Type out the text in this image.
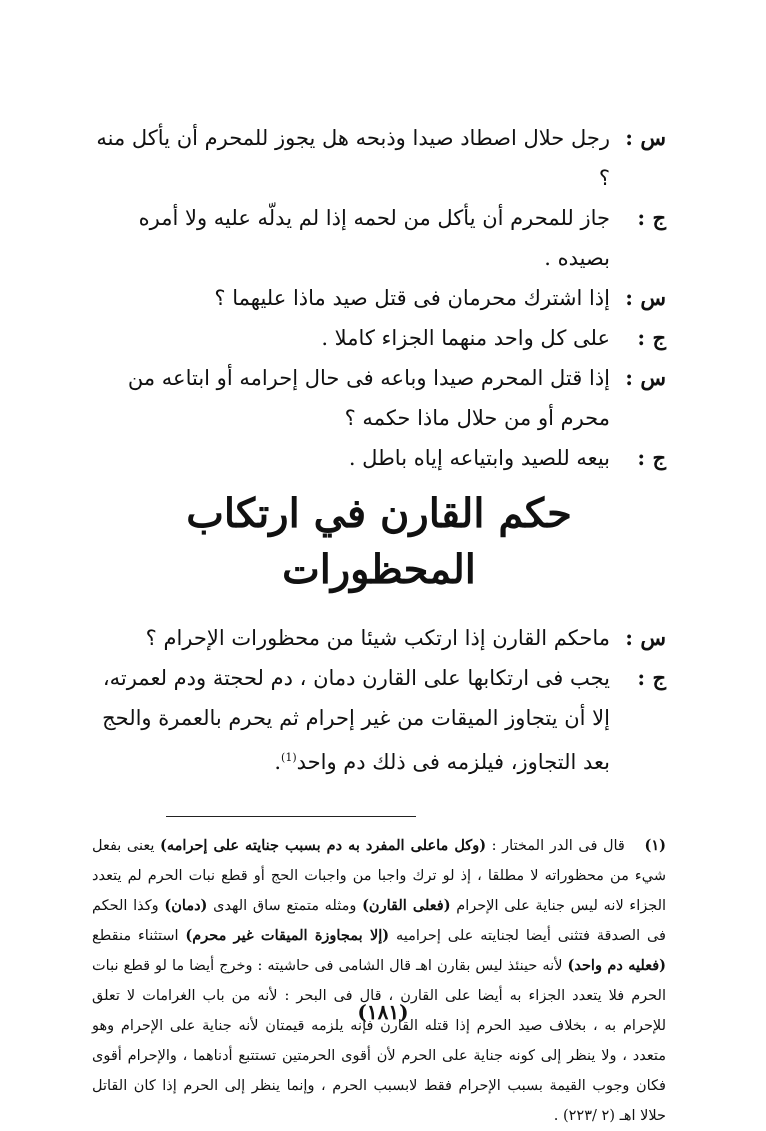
س :
رجل حلال اصطاد صيدا وذبحه هل يجوز للمحرم أن يأكل منه ؟
ج :
جاز للمحرم أن يأكل من لحمه إذا لم يدلّه عليه ولا أمره بصيده .
س :
إذا اشترك محرمان فى قتل صيد ماذا عليهما ؟
ج :
على كل واحد منهما الجزاء كاملا .
س :
إذا قتل المحرم صيدا وباعه فى حال إحرامه أو ابتاعه من محرم أو من حلال ماذا حكمه ؟
ج :
بيعه للصيد وابتياعه إياه باطل .
حكم القارن في ارتكاب المحظورات
س :
ماحكم القارن إذا ارتكب شيئا من محظورات الإحرام ؟
ج :
يجب فى ارتكابها على القارن دمان ، دم لحجتة ودم لعمرته، إلا أن يتجاوز الميقات من غير إحرام ثم يحرم بالعمرة والحج بعد التجاوز، فيلزمه فى ذلك دم واحد$^{(1)}$.
(١) قال فى الدر المختار : (وكل ماعلى المفرد به دم بسبب جنايته على إحرامه) يعنى بفعل شيء من محظوراته لا مطلقا ، إذ لو ترك واجبا من واجبات الحج أو قطع نبات الحرم لم يتعدد الجزاء لانه ليس جناية على الإحرام (فعلى القارن) ومثله متمتع ساق الهدى (دمان) وكذا الحكم فى الصدقة فتثنى أيضا لجنايته على إحراميه (إلا بمجاوزة الميقات غير محرم) استثناء منقطع (فعليه دم واحد) لأنه حينئذ ليس بقارن اهـ قال الشامى فى حاشيته : وخرج أيضا ما لو قطع نبات الحرم فلا يتعدد الجزاء به أيضا على القارن ، قال فى البحر : لأنه من باب الغرامات لا تعلق للإحرام به ، بخلاف صيد الحرم إذا قتله القارن فإنه يلزمه قيمتان لأنه جناية على الإحرام وهو متعدد ، ولا ينظر إلى كونه جناية على الحرم لأن أقوى الحرمتين تستتبع أدناهما ، والإحرام أقوى فكان وجوب القيمة بسبب الإحرام فقط لابسبب الحرم ، وإنما ينظر إلى الحرم إذا كان القاتل حلالا اهـ (٢ /٢٢٣) .
(١٨١)
